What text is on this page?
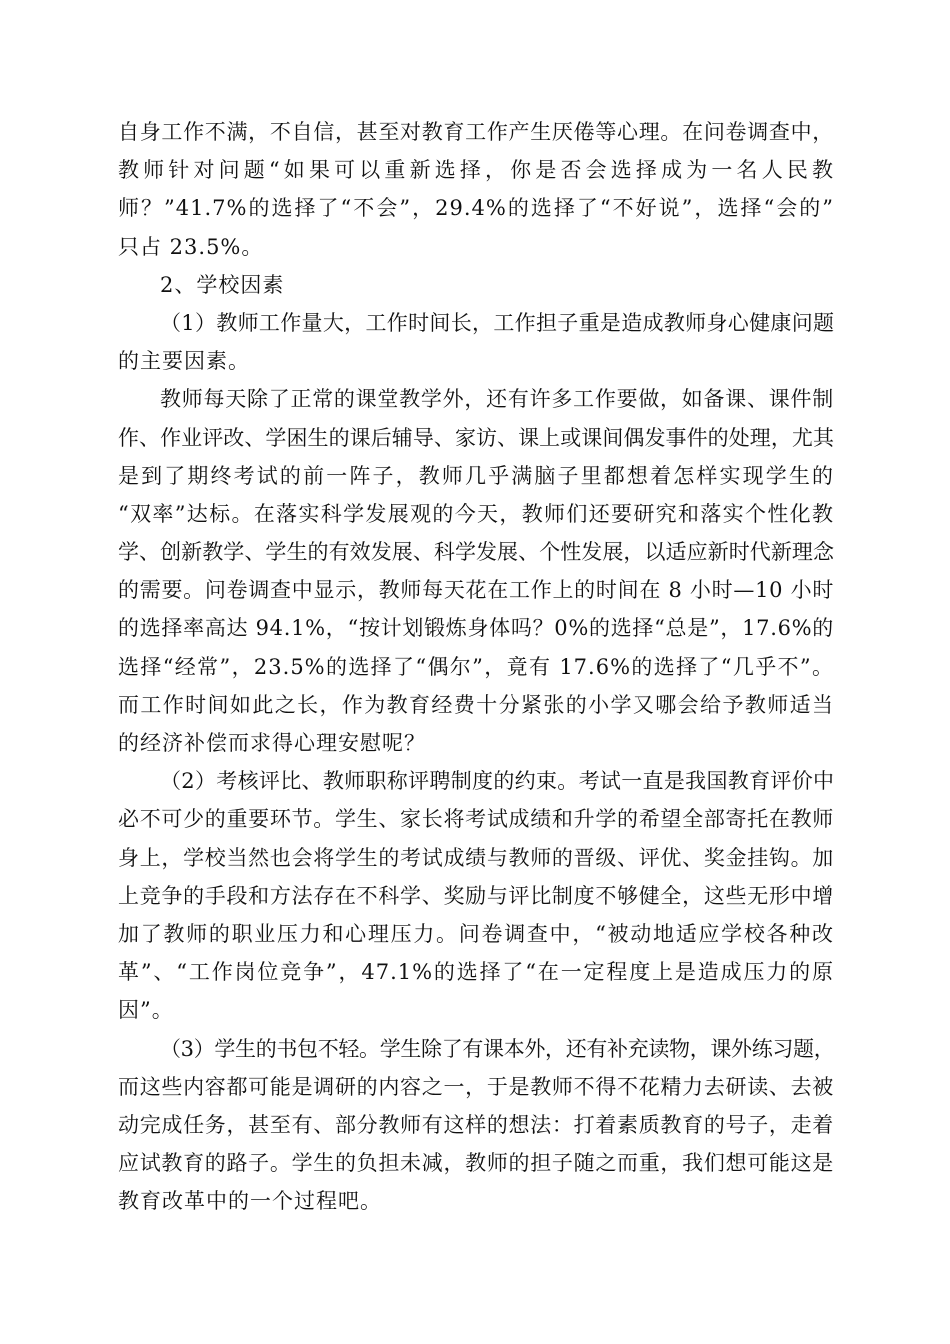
自身工作不满，不自信，甚至对教育工作产生厌倦等心理。在问卷调查中，
教师针对问题“如果可以重新选择，你是否会选择成为一名人民教
师？”41.7%的选择了“不会”，29.4%的选择了“不好说”，选择“会的”
只占 23.5%。
2、学校因素
（1）教师工作量大，工作时间长，工作担子重是造成教师身心健康问题
的主要因素。
教师每天除了正常的课堂教学外，还有许多工作要做，如备课、课件制
作、作业评改、学困生的课后辅导、家访、课上或课间偶发事件的处理，尤其
是到了期终考试的前一阵子，教师几乎满脑子里都想着怎样实现学生的
“双率”达标。在落实科学发展观的今天，教师们还要研究和落实个性化教
学、创新教学、学生的有效发展、科学发展、个性发展，以适应新时代新理念
的需要。问卷调查中显示，教师每天花在工作上的时间在 8 小时—10 小时
的选择率高达 94.1%，“按计划锻炼身体吗？0%的选择“总是”，17.6%的
选择“经常”，23.5%的选择了“偶尔”，竟有 17.6%的选择了“几乎不”。
而工作时间如此之长，作为教育经费十分紧张的小学又哪会给予教师适当
的经济补偿而求得心理安慰呢？
（2）考核评比、教师职称评聘制度的约束。考试一直是我国教育评价中
必不可少的重要环节。学生、家长将考试成绩和升学的希望全部寄托在教师
身上，学校当然也会将学生的考试成绩与教师的晋级、评优、奖金挂钩。加
上竞争的手段和方法存在不科学、奖励与评比制度不够健全，这些无形中增
加了教师的职业压力和心理压力。问卷调查中，“被动地适应学校各种改
革”、“工作岗位竞争”，47.1%的选择了“在一定程度上是造成压力的原
因”。
（3）学生的书包不轻。学生除了有课本外，还有补充读物，课外练习题，
而这些内容都可能是调研的内容之一，于是教师不得不花精力去研读、去被
动完成任务，甚至有、部分教师有这样的想法：打着素质教育的号子，走着
应试教育的路子。学生的负担未减，教师的担子随之而重，我们想可能这是
教育改革中的一个过程吧。
